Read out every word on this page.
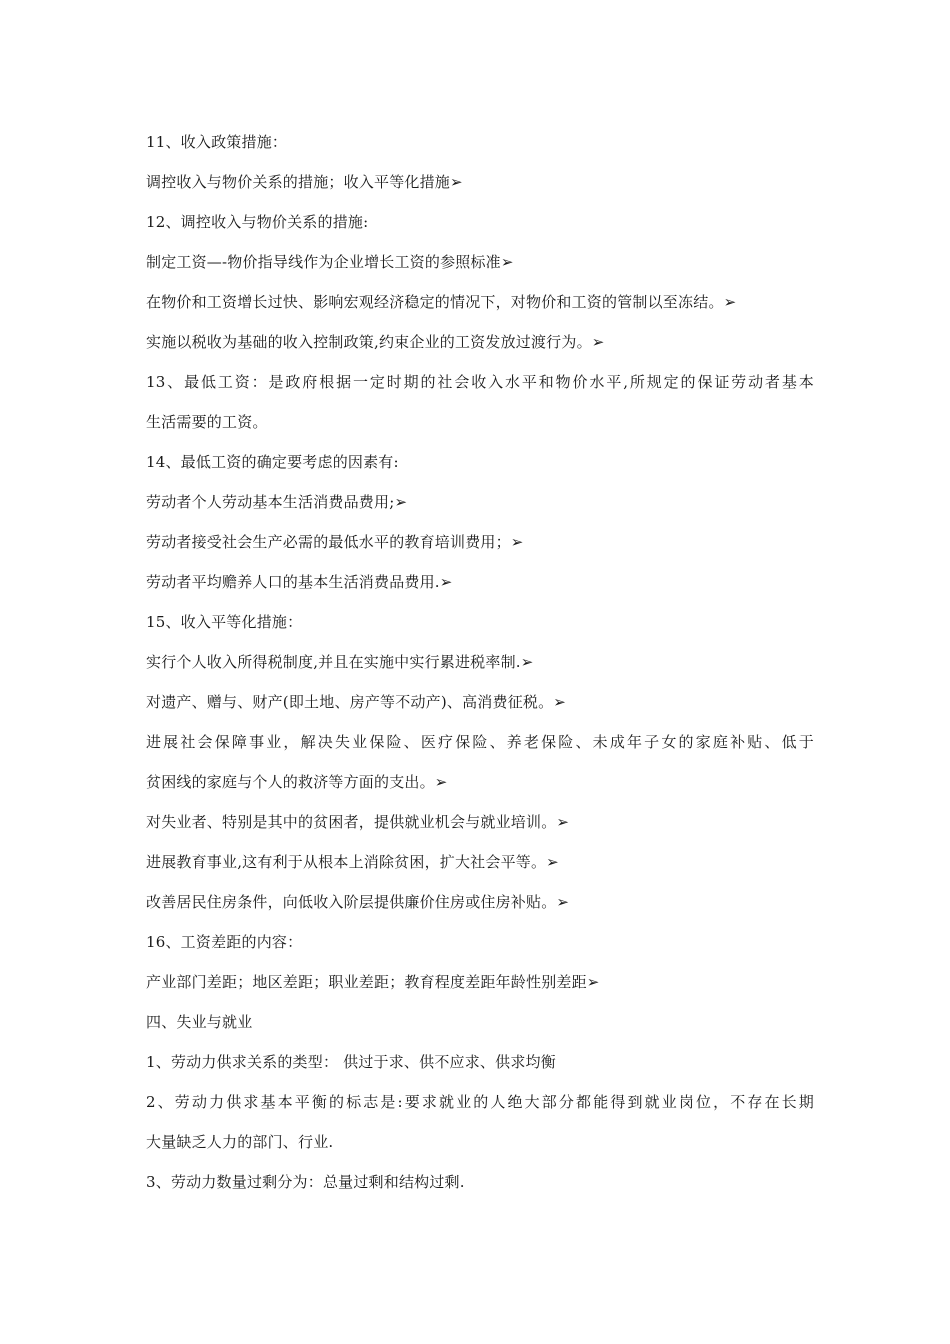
11、收入政策措施：
调控收入与物价关系的措施；收入平等化措施➢
12、调控收入与物价关系的措施:
制定工资—-物价指导线作为企业增长工资的参照标准➢
在物价和工资增长过快、影响宏观经济稳定的情况下，对物价和工资的管制以至冻结。➢
实施以税收为基础的收入控制政策,约束企业的工资发放过渡行为。➢
13、最低工资：是政府根据一定时期的社会收入水平和物价水平,所规定的保证劳动者基本
生活需要的工资。
14、最低工资的确定要考虑的因素有:
劳动者个人劳动基本生活消费品费用;➢
劳动者接受社会生产必需的最低水平的教育培训费用；➢
劳动者平均赡养人口的基本生活消费品费用.➢
15、收入平等化措施：
实行个人收入所得税制度,并且在实施中实行累进税率制.➢
对遗产、赠与、财产(即土地、房产等不动产)、高消费征税。➢
进展社会保障事业，解决失业保险、医疗保险、养老保险、未成年子女的家庭补贴、低于
贫困线的家庭与个人的救济等方面的支出。➢
对失业者、特别是其中的贫困者，提供就业机会与就业培训。➢
进展教育事业,这有利于从根本上消除贫困，扩大社会平等。➢
改善居民住房条件，向低收入阶层提供廉价住房或住房补贴。➢
16、工资差距的内容：
产业部门差距；地区差距；职业差距；教育程度差距年龄性别差距➢
四、失业与就业
1、劳动力供求关系的类型： 供过于求、供不应求、供求均衡
2、劳动力供求基本平衡的标志是:要求就业的人绝大部分都能得到就业岗位，不存在长期
大量缺乏人力的部门、行业.
3、劳动力数量过剩分为：总量过剩和结构过剩.
